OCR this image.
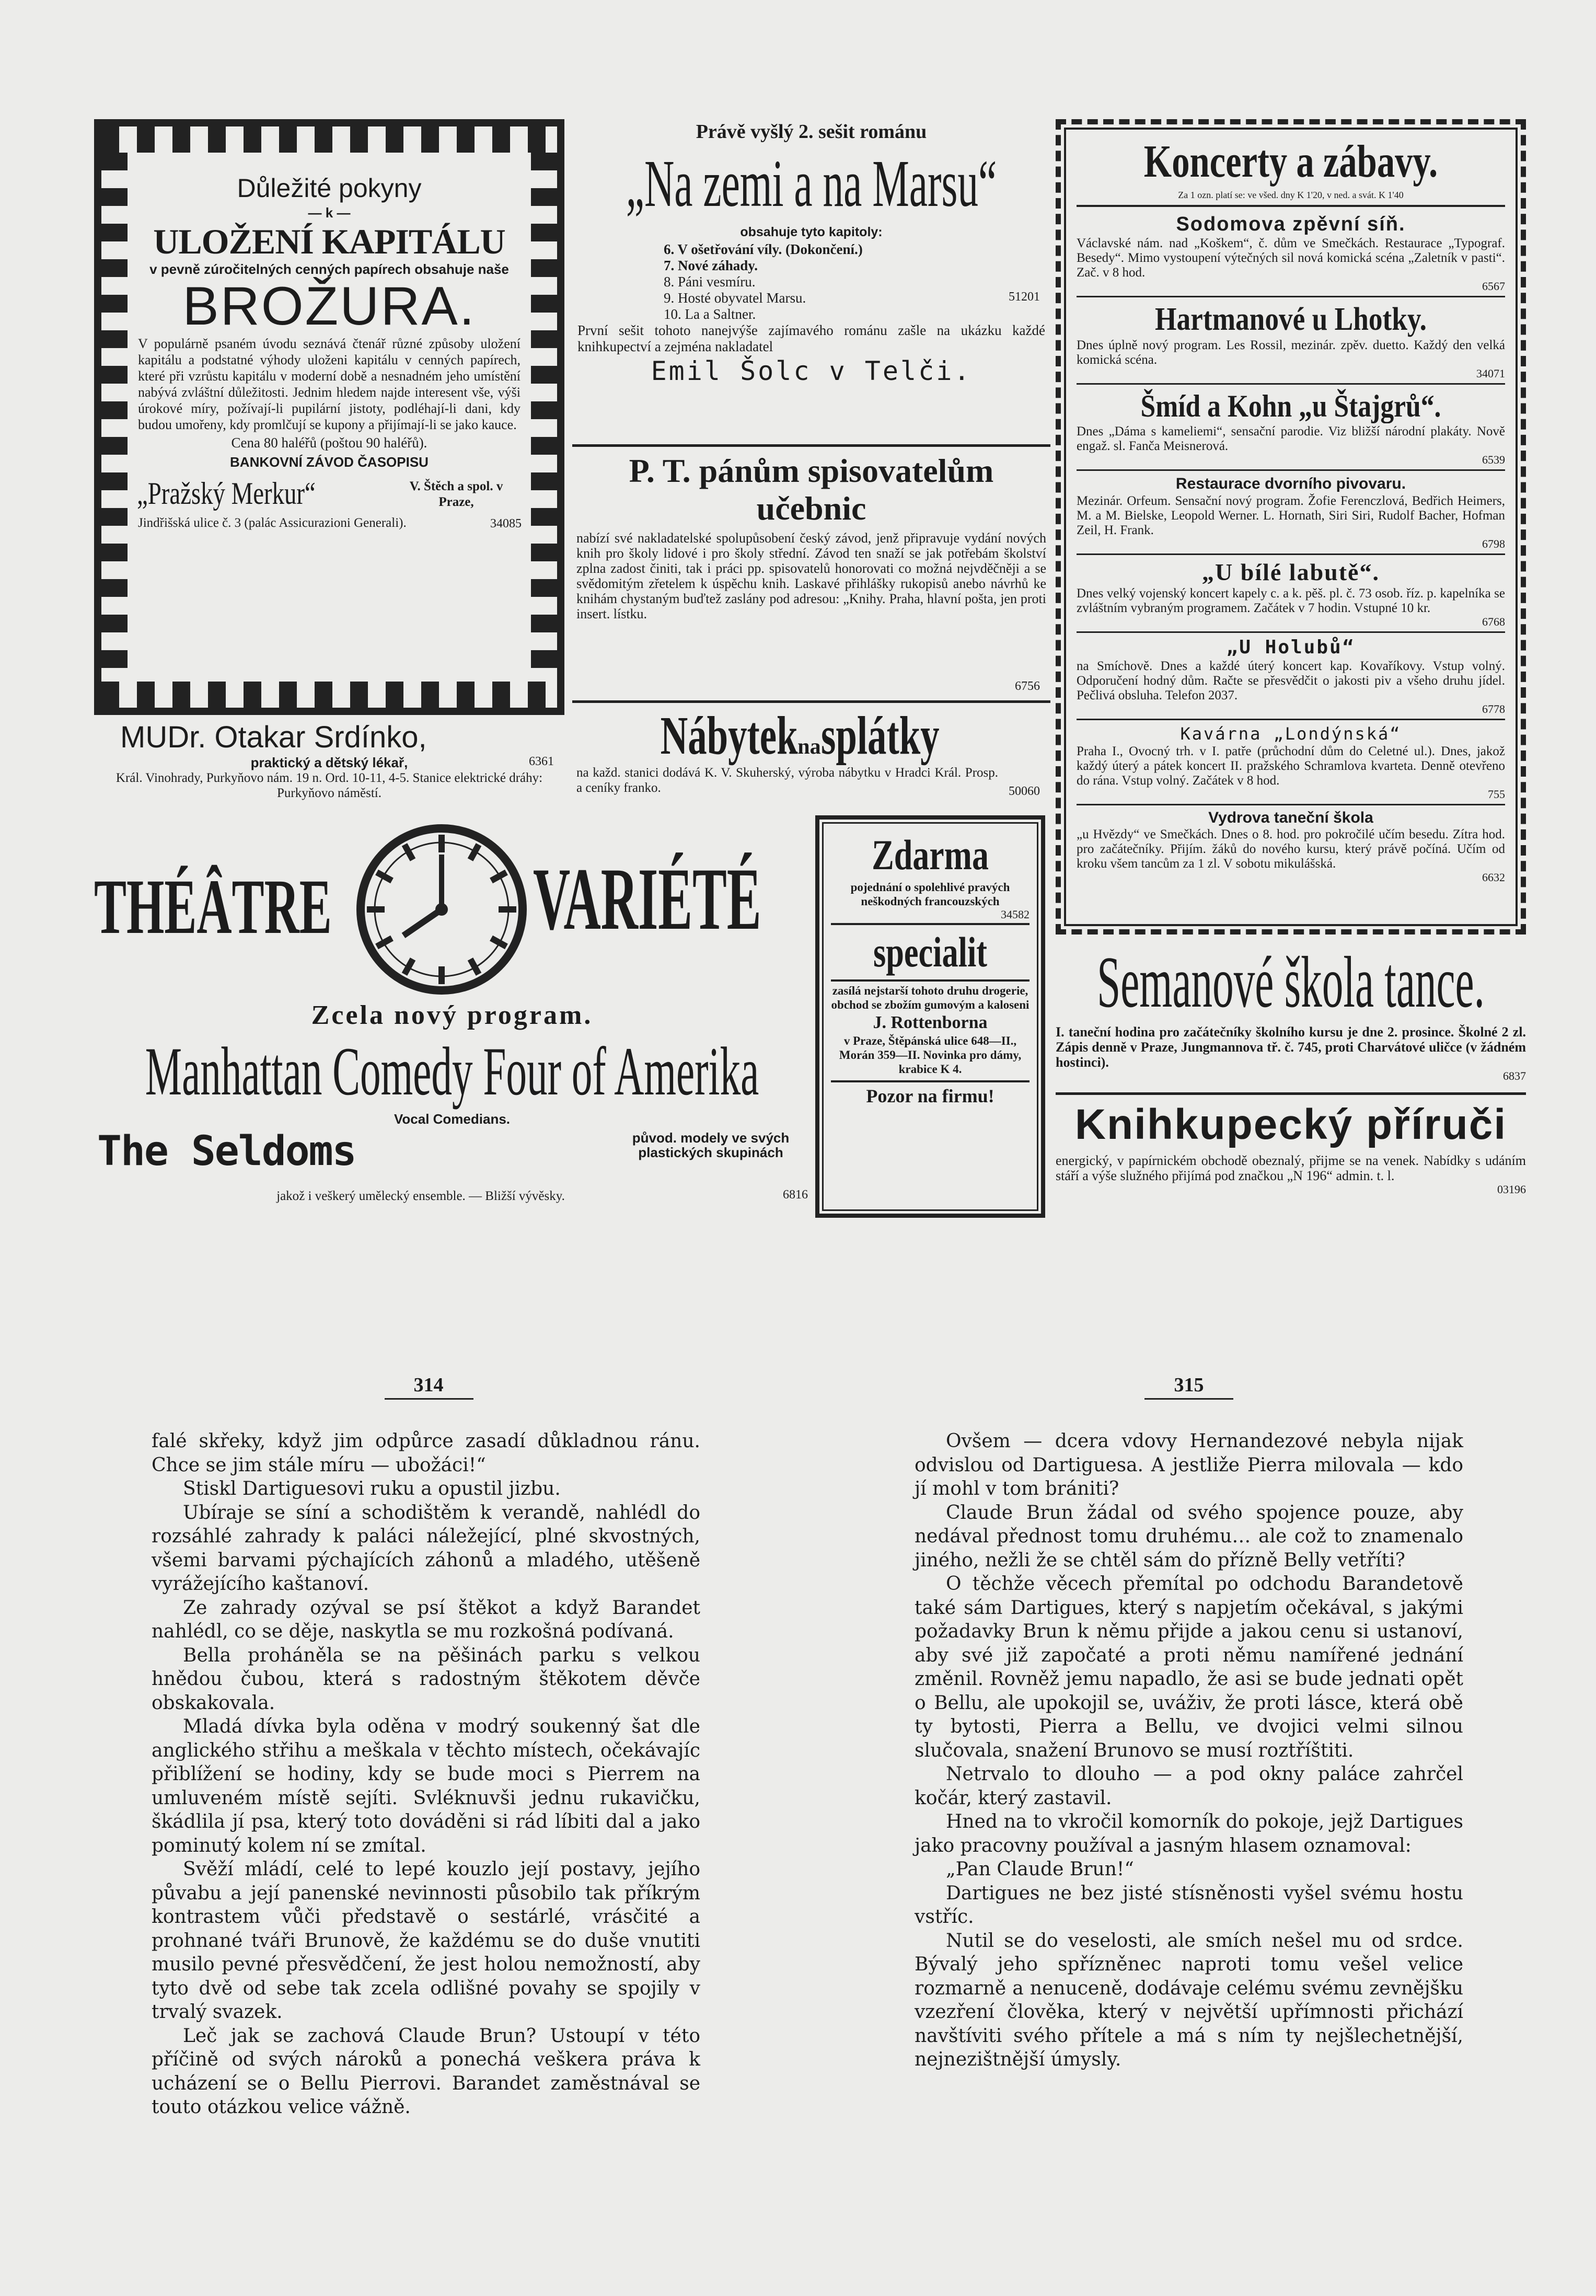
Důležité pokyny
— k —
ULOŽENÍ KAPITÁLU
v pevně zúročitelných cenných papírech obsahuje naše
BROŽURA.
V populárně psaném úvodu seznává čtenář různé způsoby uložení kapitálu a podstatné výhody uloženi kapitálu v cenných papírech, které při vzrůstu kapitálu v moderní době a nesnadném jeho umístění nabývá zvláštní důležitosti. Jednim hledem najde interesent vše, výši úrokové míry, požívají-li pupilární jistoty, podléhají-li dani, kdy budou umořeny, kdy promlčují se kupony a přijímají-li se jako kauce.
Cena 80 haléřů (poštou 90 haléřů).
BANKOVNÍ ZÁVOD ČASOPISU
„Pražský Merkur“	V. Štěch a spol. v Praze,
Jindřišská ulice č. 3 (palác Assicurazioni Generali).	34085
MUDr. Otakar Srdínko,
praktický a dětský lékař,	6361
Král. Vinohrady, Purkyňovo nám. 19 n. Ord. 10-11, 4-5. Stanice elektrické dráhy: Purkyňovo náměstí.
Právě vyšlý 2. sešit románu
„Na zemi a na Marsu“
obsahuje tyto kapitoly:
6. V ošetřování víly. (Dokončení.)
7. Nové záhady.
8. Páni vesmíru.
9. Hosté obyvatel Marsu.
10. La a Saltner.
51201
První sešit tohoto nanejvýše zajímavého románu zašle na ukázku každé knihkupectví a zejména nakladatel
Emil Šolc v Telči.
P. T. pánům spisovatelům učebnic
nabízí své nakladatelské spolupůsobení český závod, jenž připravuje vydání nových knih pro školy lidové i pro školy střední. Závod ten snaží se jak potřebám školství zplna zadost činiti, tak i práci pp. spisovatelů honorovati co možná nejvděčněji a se svědomitým zřetelem k úspěchu knih. Laskavé přihlášky rukopisů anebo návrhů ke knihám chystaným buďtež zaslány pod adresou: „Knihy. Praha, hlavní pošta, jen proti insert. lístku.
6756
Nábyteknasplátky
na každ. stanici dodává K. V. Skuherský, výroba nábytku v Hradci Král. Prosp. a ceníky franko.	50060
Koncerty a zábavy.
Za 1 ozn. platí se: ve všed. dny K 1'20, v ned. a svát. K 1'40
Sodomova zpěvní síň.
Václavské nám. nad „Koškem“, č. dům ve Smečkách. Restaurace „Typograf. Besedy“. Mimo vystoupení výtečných sil nová komická scéna „Zaletník v pasti“. Zač. v 8 hod.
6567
Hartmanové u Lhotky.
Dnes úplně nový program. Les Rossil, mezinár. zpěv. duetto. Každý den velká komická scéna.
34071
Šmíd a Kohn „u Štajgrů“.
Dnes „Dáma s kameliemi“, sensační parodie. Viz bližší národní plakáty. Nově engaž. sl. Fanča Meisnerová.
6539
Restaurace dvorního pivovaru.
Mezinár. Orfeum. Sensační nový program. Žofie Ferenczlová, Bedřich Heimers, M. a M. Bielske, Leopold Werner. L. Hornath, Siri Siri, Rudolf Bacher, Hofman Zeil, H. Frank.
6798
„U bílé labutě“.
Dnes velký vojenský koncert kapely c. a k. pěš. pl. č. 73 osob. říz. p. kapelníka se zvláštním vybraným programem. Začátek v 7 hodin. Vstupné 10 kr.
6768
„U Holubů“
na Smíchově. Dnes a každé úterý koncert kap. Kovaříkovy. Vstup volný. Odporučení hodný dům. Račte se přesvědčit o jakosti piv a všeho druhu jídel. Pečlivá obsluha. Telefon 2037.
6778
Kavárna „Londýnská“
Praha I., Ovocný trh. v I. patře (průchodní dům do Celetné ul.). Dnes, jakož každý úterý a pátek koncert II. pražského Schramlova kvarteta. Denně otevřeno do rána. Vstup volný. Začátek v 8 hod.
755
Vydrova taneční škola
„u Hvězdy“ ve Smečkách. Dnes o 8. hod. pro pokročilé učím besedu. Zítra hod. pro začátečníky. Přijím. žáků do nového kursu, který právě počíná. Učím od kroku všem tancům za 1 zl. V sobotu mikulášská.
6632
THÉÂTRE VARIÉTÉ
Zcela nový program.
Manhattan Comedy Four of Amerika
Vocal Comedians.
The Seldoms	původ. modely ve svých plastických skupinách
jakož i veškerý umělecký ensemble. — Bližší vývěsky.	6816
Zdarma
pojednání o spolehlivé pravých neškodných francouzských
34582
specialit
zasílá nejstarší tohoto druhu drogerie, obchod se zbožím gumovým a kaloseni
J. Rottenborna
v Praze, Štěpánská ulice 648—II., Morán 359—II. Novinka pro dámy, krabice K 4.
Pozor na firmu!
Semanové škola tance.
I. taneční hodina pro začátečníky školního kursu je dne 2. prosince. Školné 2 zl. Zápis denně v Praze, Jungmannova tř. č. 745, proti Charvátové uličce (v žádném hostinci).
6837
Knihkupecký příruči
energický, v papírnickém obchodě obeznalý, přijme se na venek. Nabídky s udáním stáří a výše služného přijímá pod značkou „N 196“ admin. t. l.
03196
314	315

falé skřeky, když jim odpůrce zasadí důkladnou ránu. Chce se jim stále míru — ubožáci!“

Stiskl Dartiguesovi ruku a opustil jizbu.

Ubíraje se síní a schodištěm k verandě, nahlédl do rozsáhlé zahrady k paláci náležející, plné skvostných, všemi barvami pýchajících záhonů a mladého, utěšeně vyrážejícího kaštanoví.

Ze zahrady ozýval se psí štěkot a když Barandet nahlédl, co se děje, naskytla se mu rozkošná podívaná.

Bella proháněla se na pěšinách parku s velkou hnědou čubou, která s radostným štěkotem děvče obskakovala.

Mladá dívka byla oděna v modrý soukenný šat dle anglického střihu a meškala v těchto místech, očekávajíc přiblížení se hodiny, kdy se bude moci s Pierrem na umluveném místě sejíti. Svléknuvši jednu rukavičku, škádlila jí psa, který toto dováděni si rád líbiti dal a jako pominutý kolem ní se zmítal.

Svěží mládí, celé to lepé kouzlo její postavy, jejího půvabu a její panenské nevinnosti působilo tak příkrým kontrastem vůči představě o sestárlé, vrásčité a prohnané tváři Brunově, že každému se do duše vnutiti musilo pevné přesvědčení, že jest holou nemožností, aby tyto dvě od sebe tak zcela odlišné povahy se spojily v trvalý svazek.

Leč jak se zachová Claude Brun? Ustoupí v této příčině od svých nároků a ponechá veškera práva k ucházení se o Bellu Pierrovi. Barandet zaměstnával se touto otázkou velice vážně.

Ovšem — dcera vdovy Hernandezové nebyla nijak odvislou od Dartiguesa. A jestliže Pierra milovala — kdo jí mohl v tom brániti?

Claude Brun žádal od svého spojence pouze, aby nedával přednost tomu druhému… ale což to znamenalo jiného, nežli že se chtěl sám do přízně Belly vetříti?

O těchže věcech přemítal po odchodu Barandetově také sám Dartigues, který s napjetím očekával, s jakými požadavky Brun k němu přijde a jakou cenu si ustanoví, aby své již započaté a proti němu namířené jednání změnil. Rovněž jemu napadlo, že asi se bude jednati opět o Bellu, ale upokojil se, uváživ, že proti lásce, která obě ty bytosti, Pierra a Bellu, ve dvojici velmi silnou slučovala, snažení Brunovo se musí roztříštiti.

Netrvalo to dlouho — a pod okny paláce zahrčel kočár, který zastavil.

Hned na to vkročil komorník do pokoje, jejž Dartigues jako pracovny používal a jasným hlasem oznamoval:

„Pan Claude Brun!“

Dartigues ne bez jisté stísněnosti vyšel svému hostu vstříc.

Nutil se do veselosti, ale smích nešel mu od srdce. Bývalý jeho spřízněnec naproti tomu vešel velice rozmarně a nenuceně, dodávaje celému svému zevnějšku vzezření člověka, který v největší upřímnosti přichází navštíviti svého přítele a má s ním ty nejšlechetnější, nejnezištnější úmysly.
